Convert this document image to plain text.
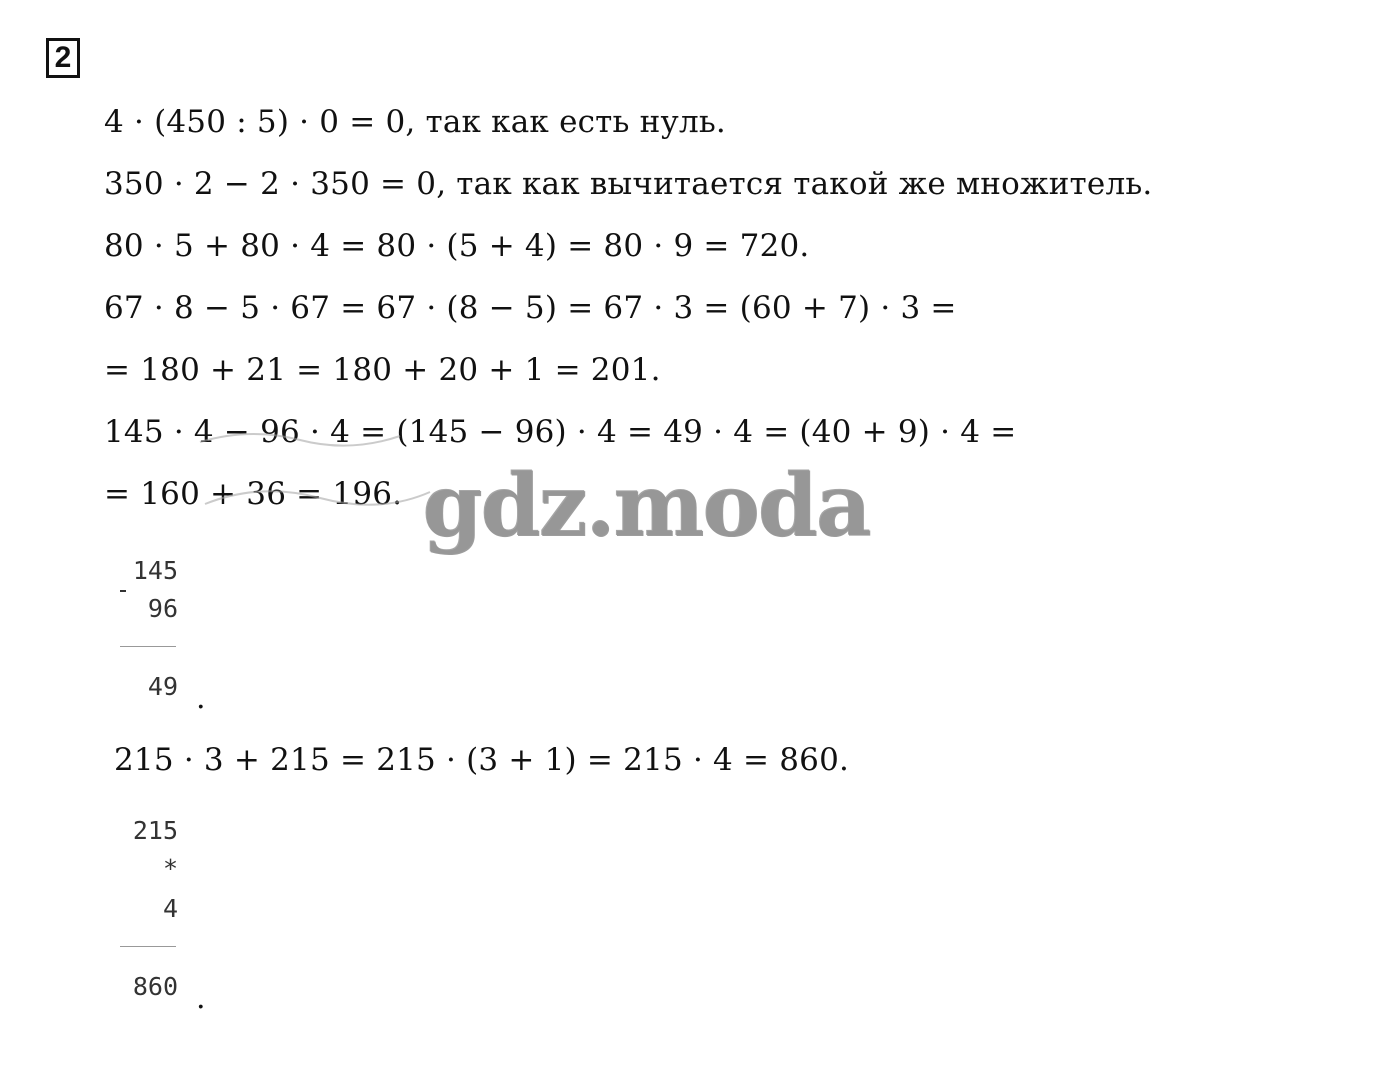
2
4 · (450 : 5) · 0 = 0, так как есть нуль.
350 · 2 − 2 · 350 = 0, так как вычитается такой же множитель.
80 · 5 + 80 · 4 = 80 · (5 + 4) = 80 · 9 = 720.
67 · 8 − 5 · 67 = 67 · (8 − 5) = 67 · 3 = (60 + 7) · 3 =
= 180 + 21 = 180 + 20 + 1 = 201.
145 · 4 − 96 · 4 = (145 − 96) · 4 = 49 · 4 = (40 + 9) · 4 =
= 160 + 36 = 196.
145
96
49 .
215 · 3 + 215 = 215 · (3 + 1) = 215 · 4 = 860.
215
*
4
860 .
gdz.moda
